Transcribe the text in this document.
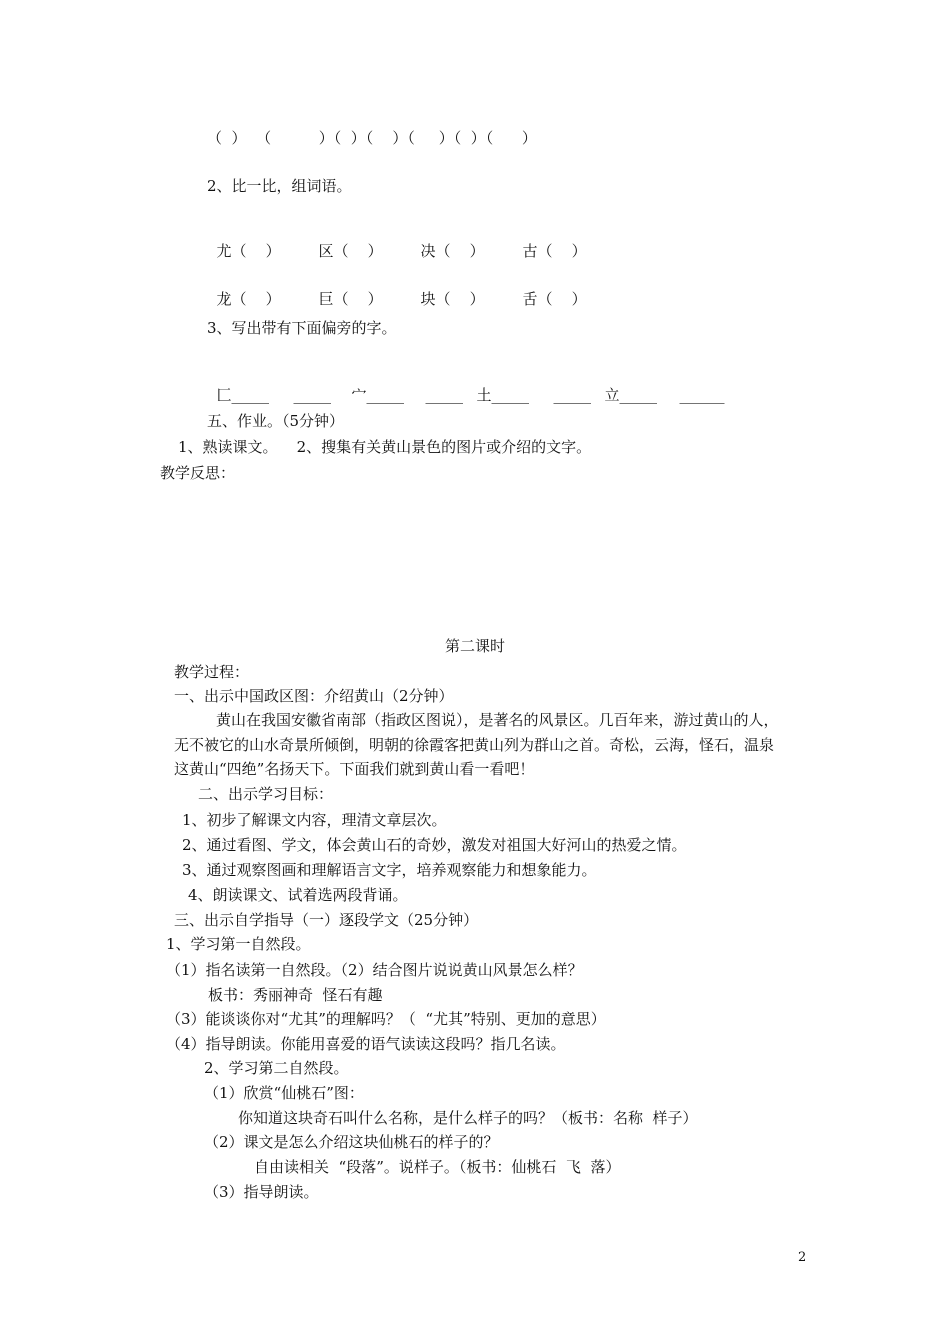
（  ）  （          ）（  ）（    ）（     ）（  ）（      ）
2、比一比，组词语。

尤（    ）	区（    ）	决（    ）	古（    ）

龙（    ）	巨（    ）	块（    ）	舌（    ）

3、写出带有下面偏旁的字。

匚_____ _____ 宀_____ _____ 土_____ _____ 立_____ ______

五、作业。（5分钟）
1、熟读课文。    2、搜集有关黄山景色的图片或介绍的文字。
教学反思：
第二课时
教学过程：
一、出示中国政区图：介绍黄山（2分钟）
黄山在我国安徽省南部（指政区图说），是著名的风景区。几百年来，游过黄山的人，
无不被它的山水奇景所倾倒，明朝的徐霞客把黄山列为群山之首。奇松，云海，怪石，温泉
这黄山“四绝”名扬天下。下面我们就到黄山看一看吧！
二、出示学习目标：
1、初步了解课文内容，理清文章层次。
2、通过看图、学文，体会黄山石的奇妙，激发对祖国大好河山的热爱之情。
3、通过观察图画和理解语言文字，培养观察能力和想象能力。
4、朗读课文、试着选两段背诵。
三、出示自学指导（一）逐段学文（25分钟）
1、学习第一自然段。
（1）指名读第一自然段。（2）结合图片说说黄山风景怎么样？
板书：秀丽神奇  怪石有趣
（3）能谈谈你对“尤其”的理解吗？（  “尤其”特别、更加的意思）
（4）指导朗读。你能用喜爱的语气读读这段吗？指几名读。
2、学习第二自然段。
（1）欣赏“仙桃石”图：
你知道这块奇石叫什么名称，是什么样子的吗？（板书：名称  样子）
（2）课文是怎么介绍这块仙桃石的样子的？
自由读相关  “段落”。说样子。（板书：仙桃石  飞  落）
（3）指导朗读。
2
